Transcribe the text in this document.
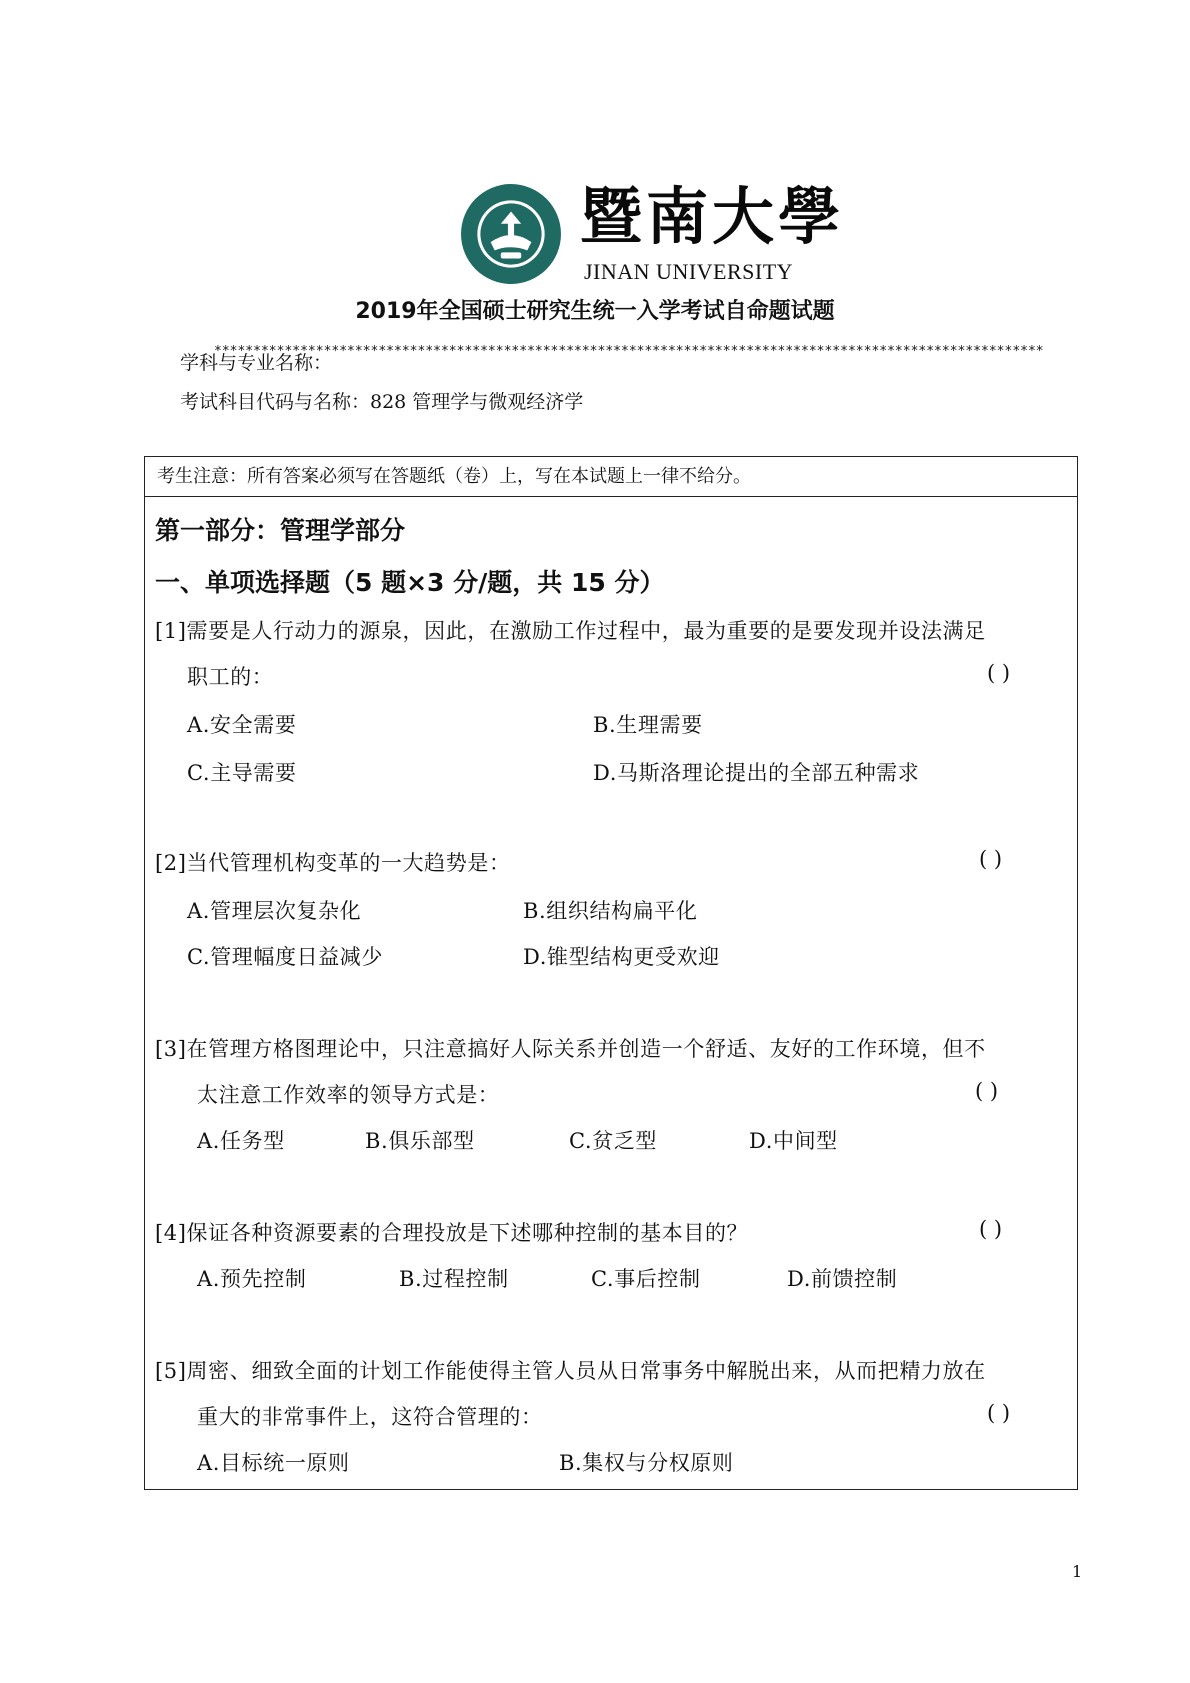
暨南大學
JINAN UNIVERSITY
2019年全国硕士研究生统一入学考试自命题试题
**********************************************************************************************************
学科与专业名称：
考试科目代码与名称：828 管理学与微观经济学
考生注意：所有答案必须写在答题纸（卷）上，写在本试题上一律不给分。
第一部分：管理学部分
一、单项选择题（5 题×3 分/题，共 15 分）
[1]需要是人行动力的源泉，因此，在激励工作过程中，最为重要的是要发现并设法满足
职工的：	( )
A.安全需要	B.生理需要
C.主导需要	D.马斯洛理论提出的全部五种需求
[2]当代管理机构变革的一大趋势是：	( )
A.管理层次复杂化	B.组织结构扁平化
C.管理幅度日益减少	D.锥型结构更受欢迎
[3]在管理方格图理论中，只注意搞好人际关系并创造一个舒适、友好的工作环境，但不
太注意工作效率的领导方式是：	( )
A.任务型	B.俱乐部型	C.贫乏型	D.中间型
[4]保证各种资源要素的合理投放是下述哪种控制的基本目的？	( )
A.预先控制	B.过程控制	C.事后控制	D.前馈控制
[5]周密、细致全面的计划工作能使得主管人员从日常事务中解脱出来，从而把精力放在
重大的非常事件上，这符合管理的：	( )
A.目标统一原则	B.集权与分权原则
1
